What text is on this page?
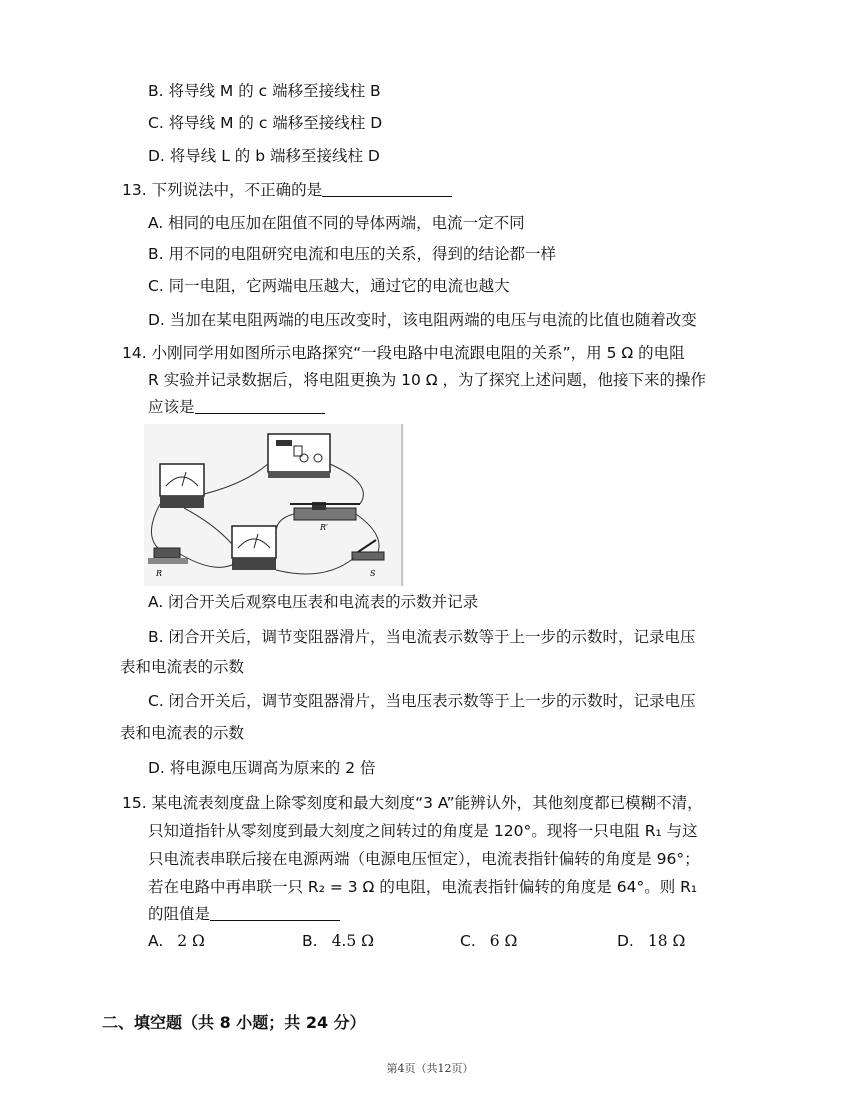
B. 将导线 M 的 c 端移至接线柱 B
C. 将导线 M 的 c 端移至接线柱 D
D. 将导线 L 的 b 端移至接线柱 D
13. 下列说法中，不正确的是
A. 相同的电压加在阻值不同的导体两端，电流一定不同
B. 用不同的电阻研究电流和电压的关系，得到的结论都一样
C. 同一电阻，它两端电压越大，通过它的电流也越大
D. 当加在某电阻两端的电压改变时，该电阻两端的电压与电流的比值也随着改变
14. 小刚同学用如图所示电路探究“一段电路中电流跟电阻的关系”，用 5 Ω 的电阻
R 实验并记录数据后，将电阻更换为 10 Ω ，为了探究上述问题，他接下来的操作
应该是
R
R′
S
A. 闭合开关后观察电压表和电流表的示数并记录
B. 闭合开关后，调节变阻器滑片，当电流表示数等于上一步的示数时，记录电压
表和电流表的示数
C. 闭合开关后，调节变阻器滑片，当电压表示数等于上一步的示数时，记录电压
表和电流表的示数
D. 将电源电压调高为原来的 2 倍
15. 某电流表刻度盘上除零刻度和最大刻度“3 A”能辨认外，其他刻度都已模糊不清，
只知道指针从零刻度到最大刻度之间转过的角度是 120°。现将一只电阻 R₁ 与这
只电流表串联后接在电源两端（电源电压恒定），电流表指针偏转的角度是 96°；
若在电路中再串联一只 R₂ = 3 Ω 的电阻，电流表指针偏转的角度是 64°。则 R₁
的阻值是
A. 2 Ω	B. 4.5 Ω	C. 6 Ω	D. 18 Ω
二、填空题（共 8 小题；共 24 分）
第4页（共12页）
